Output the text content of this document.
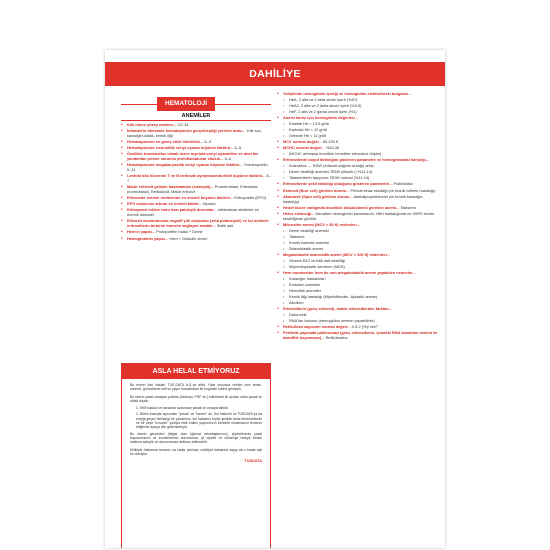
DAHİLİYE
HEMATOLOJİ
ANEMİLER
• Kök hücre yüzey markerı... CD 34
• İntrauterin dönemde hematopoezin gerçekleştiği yerlerin arası... Yolk sac, karaciğer-dalak, kemik iliği
• Hematopoezde en geniş etkili interlökin... IL-3
• Hematopoezde eozinofilik seriyi uyaran büyüme faktörü... IL-5
• Özellikle trombositoz olmak üzere myeloid seriyi uyarabilen ve akut faz yanıtından primer sorumlu proinflamatuvar sitokin... IL-6
• Hematopoezde megakaryositik seriyi uyaran büyüme faktörü... Trombopoetin, IL-11
• Lenfoid kök hücrenin T ve B lenfosite aynşmasında etkili büyüme faktörü... IL-7
• Matür eritrosit gelişim basamakları (sırasıyla)... Proeritroblast, Eritroblast (normoblast), Retikülosit, Matür eritrosit
• Eritrositer serinin üretiminde en önemli büyüme faktörü... Eritropoetin (EPO)
• EPO salınımını artıran en önemli faktör... Hipoksi
• Eritropoezi inhibe eden bazı patolojik durumlar... İnflamatuar sitokinler ve üremik toksinler
• Eritrosit membranında negatif yük oluşturan (zeta potansiyeli) ve bu nedenle eritrositlerin birbirini itmesini sağlayan madde... Sialik asit
• Hem'in yapısı... Protoporfirin halka + Demir
• Hemoglobinin yapısı... Hem + Globulin zinciri
ASLA HELAL ETMİYORUZ

Bu eserin tüm hakları TUS-DATA A.Ş.'ye aittir. Yıllar boyunca verilen nice emek, zahmet, güncelleme talif ve yayın harcamaları ile bugünkü haline gelmiştir.

Bu eserin yasal olmayan yollarla (fotokopi, PDF vb.) edinilmesi iki açıdan daha yasak ve ahlak dışıdır.

1. Telif hukuku ve kanunlar açısından yasak ve cezaya tabidir.

2. Bütün inançlar açısından "yasak" ve "haram" dır. Kul hakkıdır ve TUSDATA ya da emeği geçen herhangi bir yazarımız, kul haklarını hiçbir şekilde helal etmemektedir ve bir çeşit "hırsızlık" yoluyla elde edilen yayınımızın bereketi olmamasını temenni ettiğimizi açıkça dile getirmekteyiz.

Bu eserin gerçekleri (bilgisi olan öğrenci arkadaşlarımız), şüphelenmiş yasal bayourmasını ve incelenmeniz durumunda, iyi niyetle ve cömertçe hediye etmek hakkına sahiptir ve durumunuza dekilanı edilecektir.

Mülkiyet haklarına tecavüz na kadar çirkinse; mülkiyet haklarına saygı da o kadar asil bir duruştur.

TUSDATA
• Yetişkinde hemoglobin içeriği ve hemoglobin elektroforezi bulguları...
• HbA, 2 alfa ve 2 beta zinciri içerir (%97)
• HbA2, 2 alfa ve 2 delta zinciri içerir (%3.5)
• HbF, 2 alfa ve 2 gama zinciri içerir (%1)
• Anemi tanısı için hemoglobin değerleri...
• Erkekte Hb < 13.5 gr/dl
• Kadında Hb < 12 gr/dl
• Gebede Hb < 11 gr/dl
• MCV normal değeri... 80-100 fl
• MCHC normal değeri... %34-36
• (MCHC artmışsa öncelikle herediter sferositoz düşün)
• Eritrositlerde boyut farklılığını gösteren parametre ve hemogramdaki karşılığı...
• Anizositoz → RDW (eritrosit dağılım aralığı) artışı
• Demir eksikliği anemisi: RDW yüksek (>%11-14)
• Talasemilerin taşıyıcısı: RDW normal (%11-14)
• Eritrositlerde şekil farklılığı olduğunu gösteren parametre... Poikilositoz
• Ekinosit (Burr cell) görülen durum... Pirüvat kinaz eksikliği (ve kronik böbrek hastalığı)
• Akantosit (Spur cell) görülen durum... Abetalipoproteinemi (ve kronik karaciğer hastalığı)
• Hedef hücre varlığında öncelikle düşünülmesi gereken anemi... Talasemi
• Heinz cisimciği... Denatüre hemoglobin kalıntılarıdır. HbH hastalığında ve G6PD enzim eksikliğinde görülür.
• Mikrositer anemi (MCV < 80 fl) nedenleri...
• Demir eksikliği anemisi
• Talasemi
• Kronik hastalık anemisi
• Sideroblastik anemi
• Megaloblastik makrositik anemi (MCV > 100 fl) nedenleri...
• Vitamin B12 ve folik asit eksikliği
• Miyelodisplastik sendrom (MDS)
• Hem nonmositer hem de non-megaloblastik anemi yapabilen nedenler...
• Karaciğer hastalıkları
• Endokrin anemiler
• Hemolitik anemiler
• Kemik iliği hastalığı (Miyelofibrozis -Aplastik anemi)
• Alkolizm
• Eritrositlerin (genç eritrosit), matür eritrositlerden farkları...
• Daha iridir
• RNA'ları bulunur (hemoglobin sentezi yapabilirler)
• Retikülosit sayısının normal değeri... 0.5-2 (%)/ mm³
• Periferik yaymada polikromazi (genç eritrositlerin, içindeki RNA kalıntıları nedeni ile bazofilik boyanması)... Retikülositoz
